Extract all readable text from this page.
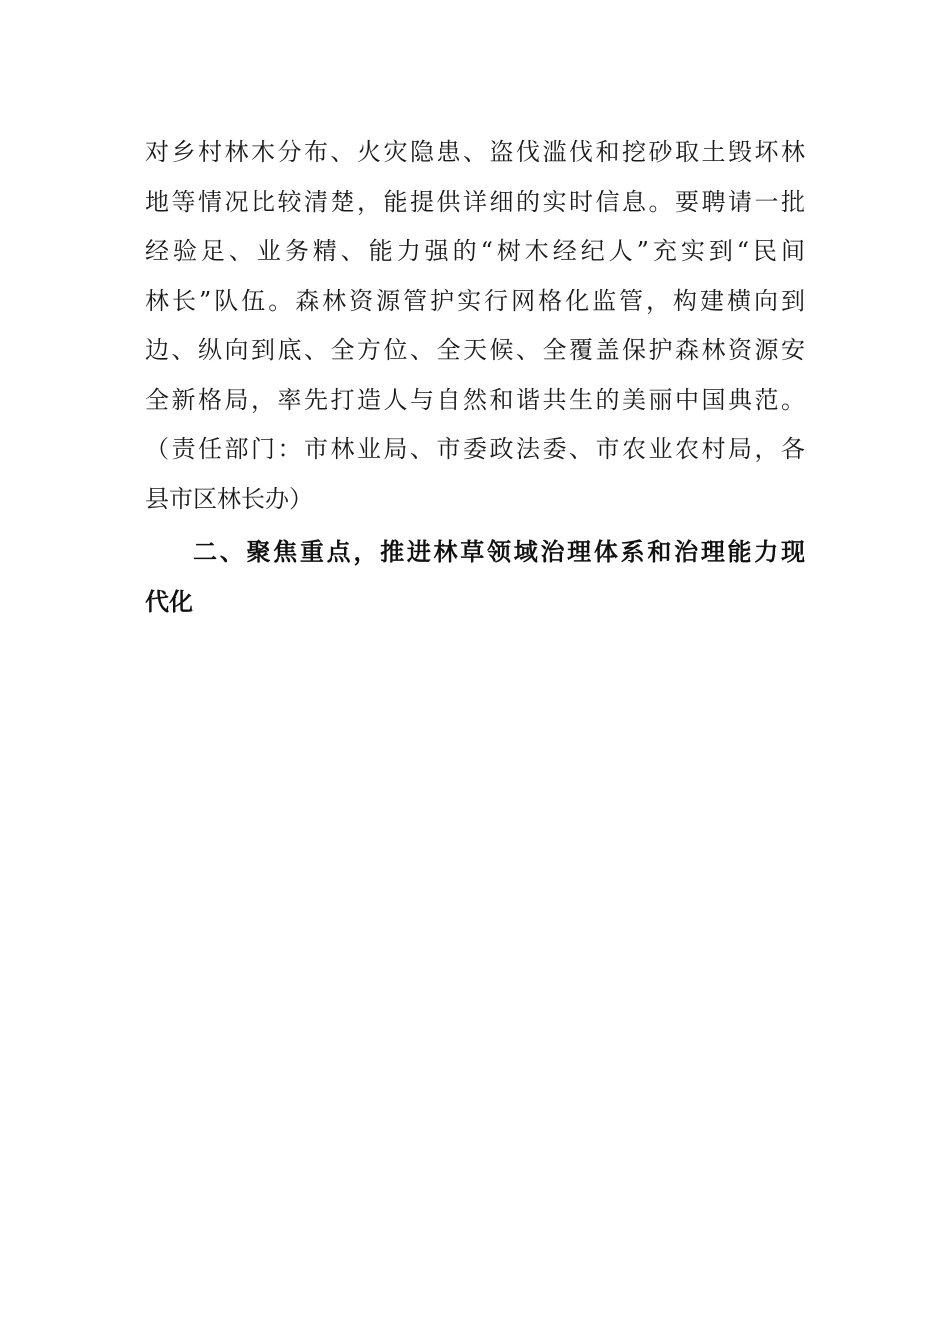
对乡村林木分布、火灾隐患、盗伐滥伐和挖砂取土毁坏林
地等情况比较清楚，能提供详细的实时信息。要聘请一批
经验足、业务精、能力强的“树木经纪人”充实到“民间
林长”队伍。森林资源管护实行网格化监管，构建横向到
边、纵向到底、全方位、全天候、全覆盖保护森林资源安
全新格局，率先打造人与自然和谐共生的美丽中国典范。
（责任部门：市林业局、市委政法委、市农业农村局，各
县市区林长办）
二、聚焦重点，推进林草领域治理体系和治理能力现
代化
